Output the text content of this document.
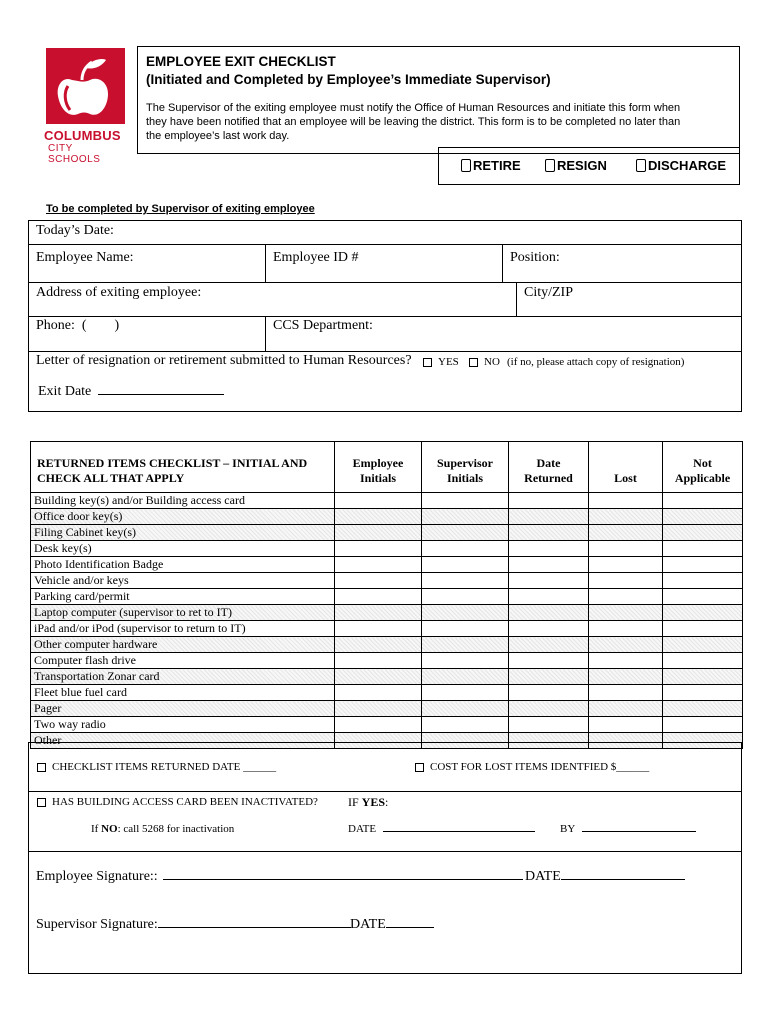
COLUMBUS
CITY SCHOOLS
EMPLOYEE EXIT CHECKLIST
(Initiated and Completed by Employee’s Immediate Supervisor)
The Supervisor of the exiting employee must notify the Office of Human Resources and initiate this form when they have been notified that an employee will be leaving the district. This form is to be completed no later than the employee’s last work day.
RETIRE	RESIGN	DISCHARGE
To be completed by Supervisor of exiting employee
Today’s Date:
Employee Name:	Employee ID #	Position:
Address of exiting employee:	City/ZIP
Phone:  (        )	CCS Department:
Letter of resignation or retirement submitted to Human Resources?	YES	NO (if no, please attach copy of resignation)
Exit Date
RETURNED ITEMS CHECKLIST – INITIAL AND CHECK ALL THAT APPLY	Employee Initials	Supervisor Initials	Date Returned	Lost	Not Applicable
Building key(s) and/or Building access card					
Office door key(s)					
Filing Cabinet key(s)					
Desk key(s)					
Photo Identification Badge					
Vehicle and/or keys					
Parking card/permit					
Laptop computer (supervisor to ret to IT)					
iPad and/or iPod (supervisor to return to IT)					
Other computer hardware					
Computer flash drive					
Transportation Zonar card					
Fleet blue fuel card					
Pager					
Two way radio					
Other					
CHECKLIST ITEMS RETURNED DATE ______	COST FOR LOST ITEMS IDENTFIED $______
HAS BUILDING ACCESS CARD BEEN INACTIVATED?	IF YES:
If NO: call 5268 for inactivation	DATE	BY
Employee Signature::	DATE
Supervisor Signature:	DATE
